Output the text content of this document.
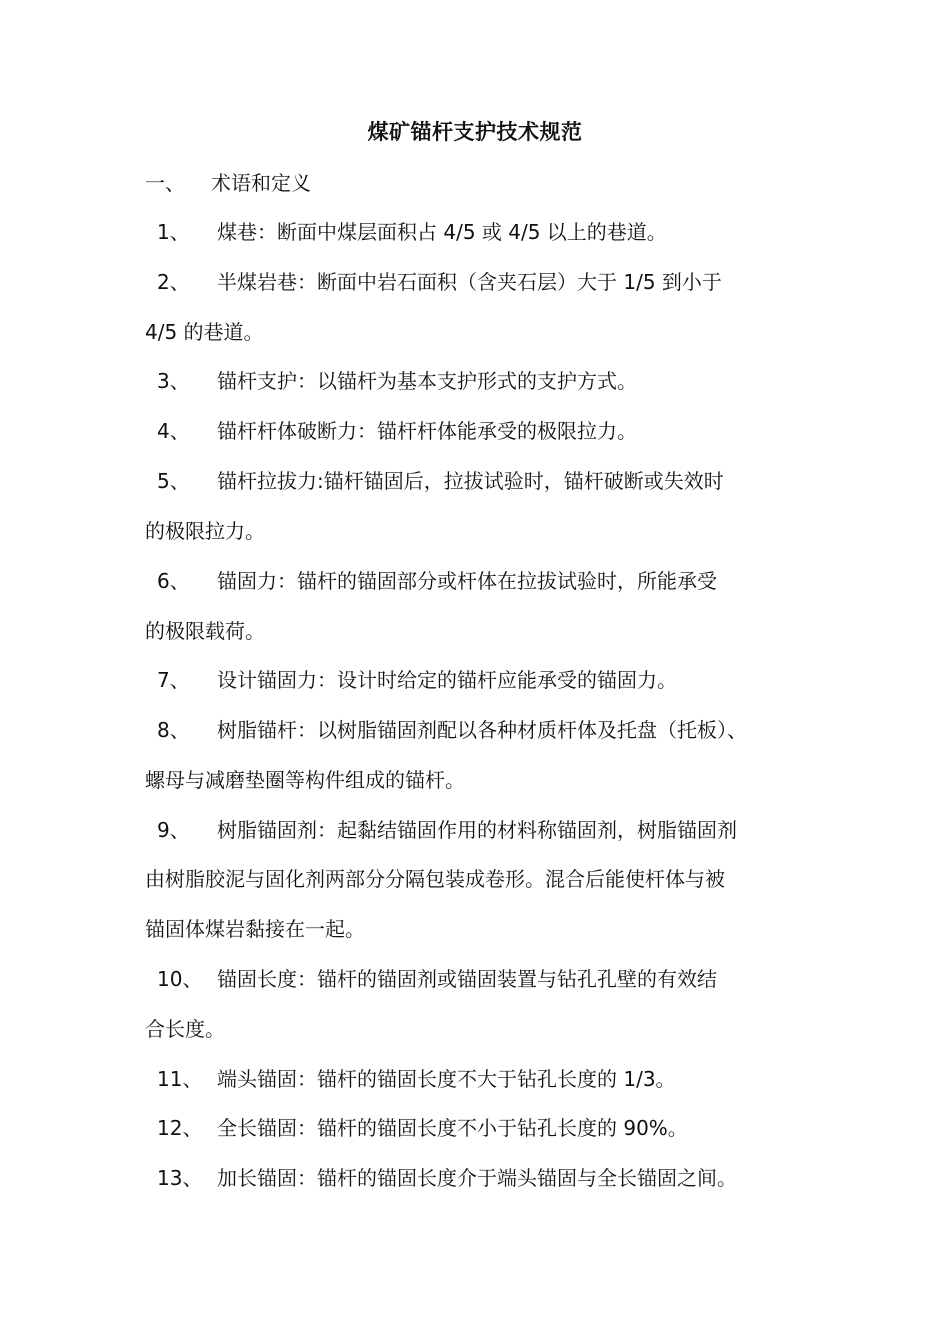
煤矿锚杆支护技术规范
一、 术语和定义
1、 煤巷：断面中煤层面积占 4/5 或 4/5 以上的巷道。
2、 半煤岩巷：断面中岩石面积（含夹石层）大于 1/5 到小于
4/5 的巷道。
3、 锚杆支护：以锚杆为基本支护形式的支护方式。
4、 锚杆杆体破断力：锚杆杆体能承受的极限拉力。
5、 锚杆拉拔力:锚杆锚固后，拉拔试验时，锚杆破断或失效时
的极限拉力。
6、 锚固力：锚杆的锚固部分或杆体在拉拔试验时，所能承受
的极限载荷。
7、 设计锚固力：设计时给定的锚杆应能承受的锚固力。
8、 树脂锚杆：以树脂锚固剂配以各种材质杆体及托盘（托板）、
螺母与减磨垫圈等构件组成的锚杆。
9、 树脂锚固剂：起黏结锚固作用的材料称锚固剂，树脂锚固剂
由树脂胶泥与固化剂两部分分隔包装成卷形。混合后能使杆体与被
锚固体煤岩黏接在一起。
10、 锚固长度：锚杆的锚固剂或锚固装置与钻孔孔壁的有效结
合长度。
11、 端头锚固：锚杆的锚固长度不大于钻孔长度的 1/3。
12、 全长锚固：锚杆的锚固长度不小于钻孔长度的 90%。
13、 加长锚固：锚杆的锚固长度介于端头锚固与全长锚固之间。
